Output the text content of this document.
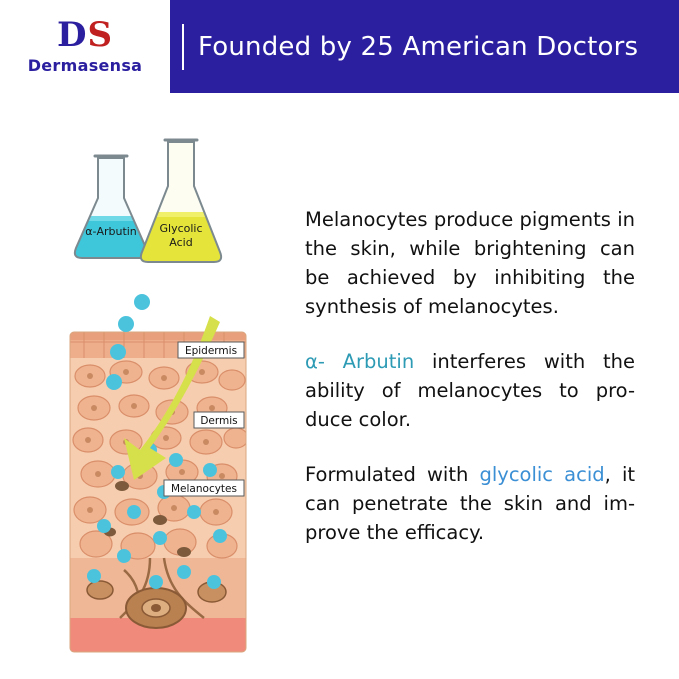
DS
Dermasensa
Founded by 25 American Doctors
α-Arbutin Glycolic
Acid
Epidermis
Dermis
Melanocytes

Melanocytes produce pigments in the skin, while brightening can be achieved by inhibiting the synthesis of melanocytes.

α- Arbutin interferes with the ability of melanocytes to pro-duce color.

Formulated with glycolic acid, it can penetrate the skin and im-prove the efficacy.
